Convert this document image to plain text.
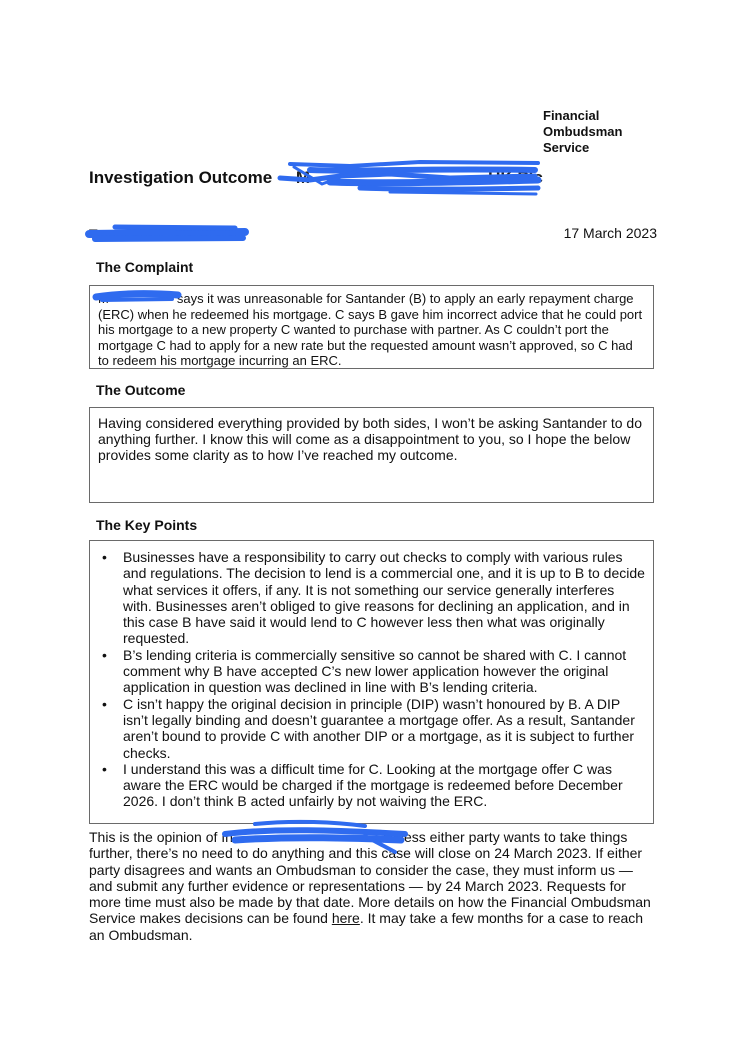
Financial
Ombudsman
Service
Investigation Outcome – M	UK Plc
T	17 March 2023
The Complaint
M	says it was unreasonable for Santander (B) to apply an early repayment charge (ERC) when he redeemed his mortgage. C says B gave him incorrect advice that he could port his mortgage to a new property C wanted to purchase with partner. As C couldn’t port the mortgage C had to apply for a new rate but the requested amount wasn’t approved, so C had to redeem his mortgage incurring an ERC.
The Outcome
Having considered everything provided by both sides, I won’t be asking Santander to do anything further. I know this will come as a disappointment to you, so I hope the below provides some clarity as to how I’ve reached my outcome.
The Key Points
• Businesses have a responsibility to carry out checks to comply with various rules and regulations. The decision to lend is a commercial one, and it is up to B to decide what services it offers, if any. It is not something our service generally interferes with. Businesses aren’t obliged to give reasons for declining an application, and in this case B have said it would lend to C however less then what was originally requested.
• B’s lending criteria is commercially sensitive so cannot be shared with C. I cannot comment why B have accepted C’s new lower application however the original application in question was declined in line with B’s lending criteria.
• C isn’t happy the original decision in principle (DIP) wasn’t honoured by B. A DIP isn’t legally binding and doesn’t guarantee a mortgage offer. As a result, Santander aren’t bound to provide C with another DIP or a mortgage, as it is subject to further checks.
• I understand this was a difficult time for C. Looking at the mortgage offer C was aware the ERC would be charged if the mortgage is redeemed before December 2026. I don’t think B acted unfairly by not waiving the ERC.
This is the opinion of In	Unless either party wants to take things further, there’s no need to do anything and this case will close on 24 March 2023. If either party disagrees and wants an Ombudsman to consider the case, they must inform us — and submit any further evidence or representations — by 24 March 2023. Requests for more time must also be made by that date. More details on how the Financial Ombudsman Service makes decisions can be found here. It may take a few months for a case to reach an Ombudsman.
